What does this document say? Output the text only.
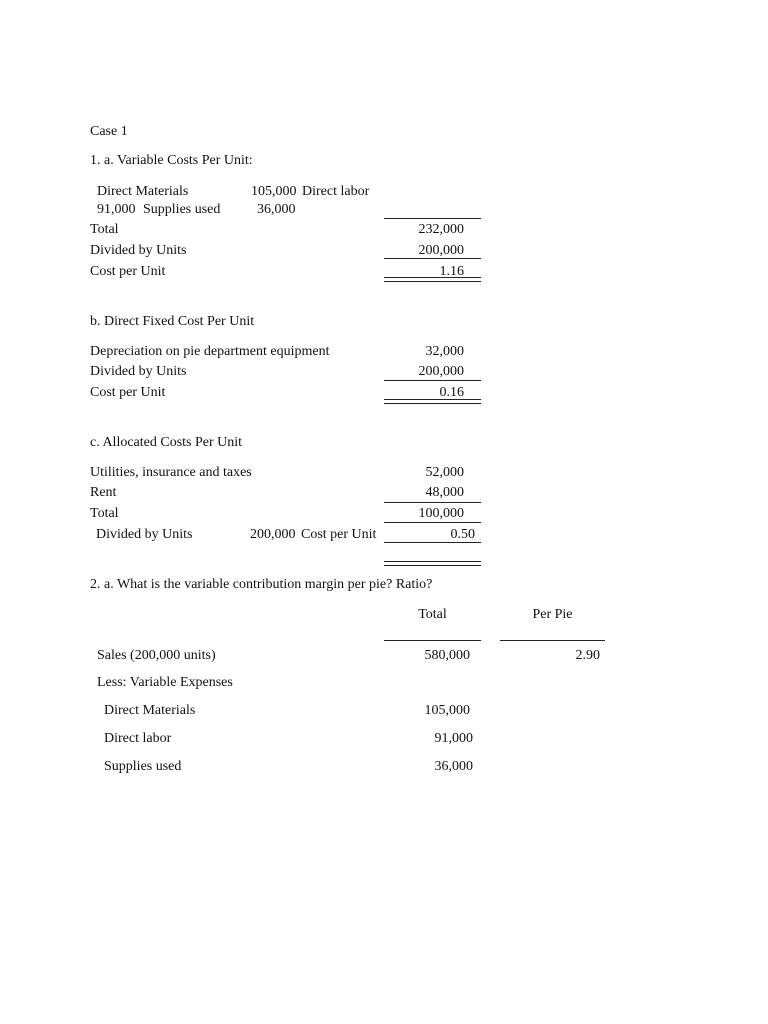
Case 1
1. a. Variable Costs Per Unit:
Direct Materials	105,000 Direct labor
91,000 Supplies used	36,000
Total	232,000
Divided by Units	200,000
Cost per Unit	1.16
b. Direct Fixed Cost Per Unit
Depreciation on pie department equipment	32,000
Divided by Units	200,000
Cost per Unit	0.16
c. Allocated Costs Per Unit
Utilities, insurance and taxes	52,000
Rent	48,000
Total	100,000
Divided by Units	200,000 Cost per Unit	0.50
2. a. What is the variable contribution margin per pie? Ratio?
Total	Per Pie
Sales (200,000 units)	580,000	2.90
Less: Variable Expenses
Direct Materials	105,000
Direct labor	91,000
Supplies used	36,000
